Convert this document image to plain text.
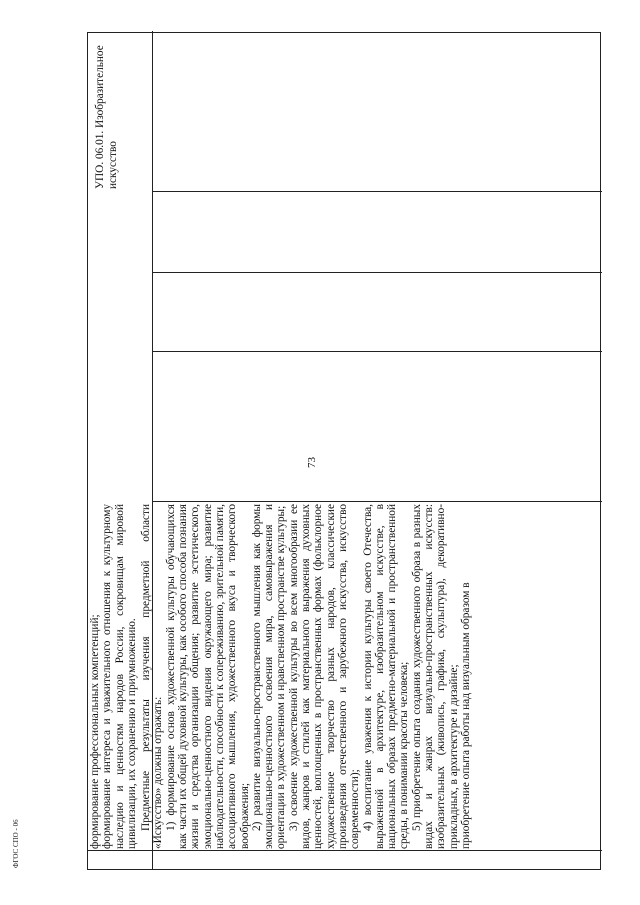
73
ФГОС СПО - 06	формирование профессиональных компетенций; формирование интереса и уважительного отношения к культурному наследию и ценностям народов России, сокровищам мировой цивилизации, их сохранению и приумножению. Предметные результаты изучения предметной области «Искусство» должны отражать: 1) формирование основ художественной культуры обучающихся как части их общей духовной культуры, как особого способа познания жизни и средства организации общения; развитие эстетического, эмоционально-ценностного видения окружающего мира; развитие наблюдательности, способности к сопереживанию, зрительной памяти, ассоциативного мышления, художественного вкуса и творческого воображения; 2) развитие визуально-пространственного мышления как формы эмоционально-ценностного освоения мира, самовыражения и ориентации в художественном и нравственном пространстве культуры; 3) освоение художественной культуры во всем многообразии ее видов, жанров и стилей как материального выражения духовных ценностей, воплощенных в пространственных формах (фольклорное художественное творчество разных народов, классические произведения отечественного и зарубежного искусства, искусство современности); 4) воспитание уважения к истории культуры своего Отечества, выраженной в архитектуре, изобразительном искусстве, в национальных образах предметно-материальной и пространственной среды, в понимании красоты человека; 5) приобретение опыта создания художественного образа в разных видах и жанрах визуально-пространственных искусств: изобразительных (живопись, графика, скульптура), декоративно-прикладных, в архитектуре и дизайне; приобретение опыта работы над визуальным образом в

УПО. 06.01. Изобразительное искусство
